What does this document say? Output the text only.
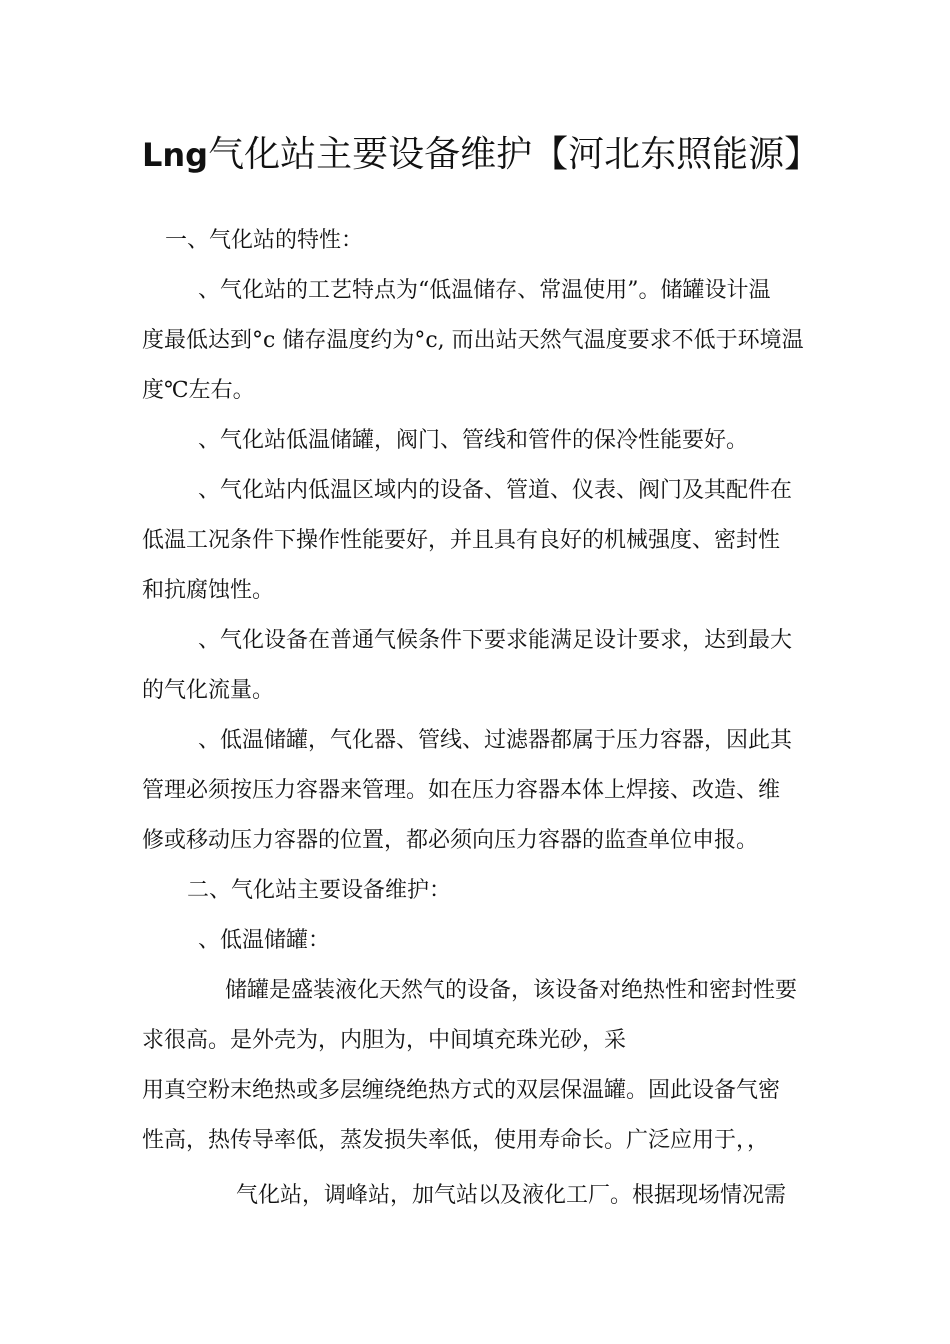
Lng气化站主要设备维护【河北东照能源】
一、气化站的特性：
、气化站的工艺特点为“低温储存、常温使用”。储罐设计温
度最低达到°c 储存温度约为°c, 而出站天然气温度要求不低于环境温
度℃左右。
、气化站低温储罐，阀门、管线和管件的保冷性能要好。
、气化站内低温区域内的设备、管道、仪表、阀门及其配件在
低温工况条件下操作性能要好，并且具有良好的机械强度、密封性
和抗腐蚀性。
、气化设备在普通气候条件下要求能满足设计要求，达到最大
的气化流量。
、低温储罐，气化器、管线、过滤器都属于压力容器，因此其
管理必须按压力容器来管理。如在压力容器本体上焊接、改造、维
修或移动压力容器的位置，都必须向压力容器的监查单位申报。
二、气化站主要设备维护：
、低温储罐：
储罐是盛装液化天然气的设备，该设备对绝热性和密封性要
求很高。是外壳为，内胆为，中间填充珠光砂，采
用真空粉末绝热或多层缠绕绝热方式的双层保温罐。固此设备气密
性高，热传导率低，蒸发损失率低，使用寿命长。广泛应用于，，
气化站，调峰站，加气站以及液化工厂。根据现场情况需
